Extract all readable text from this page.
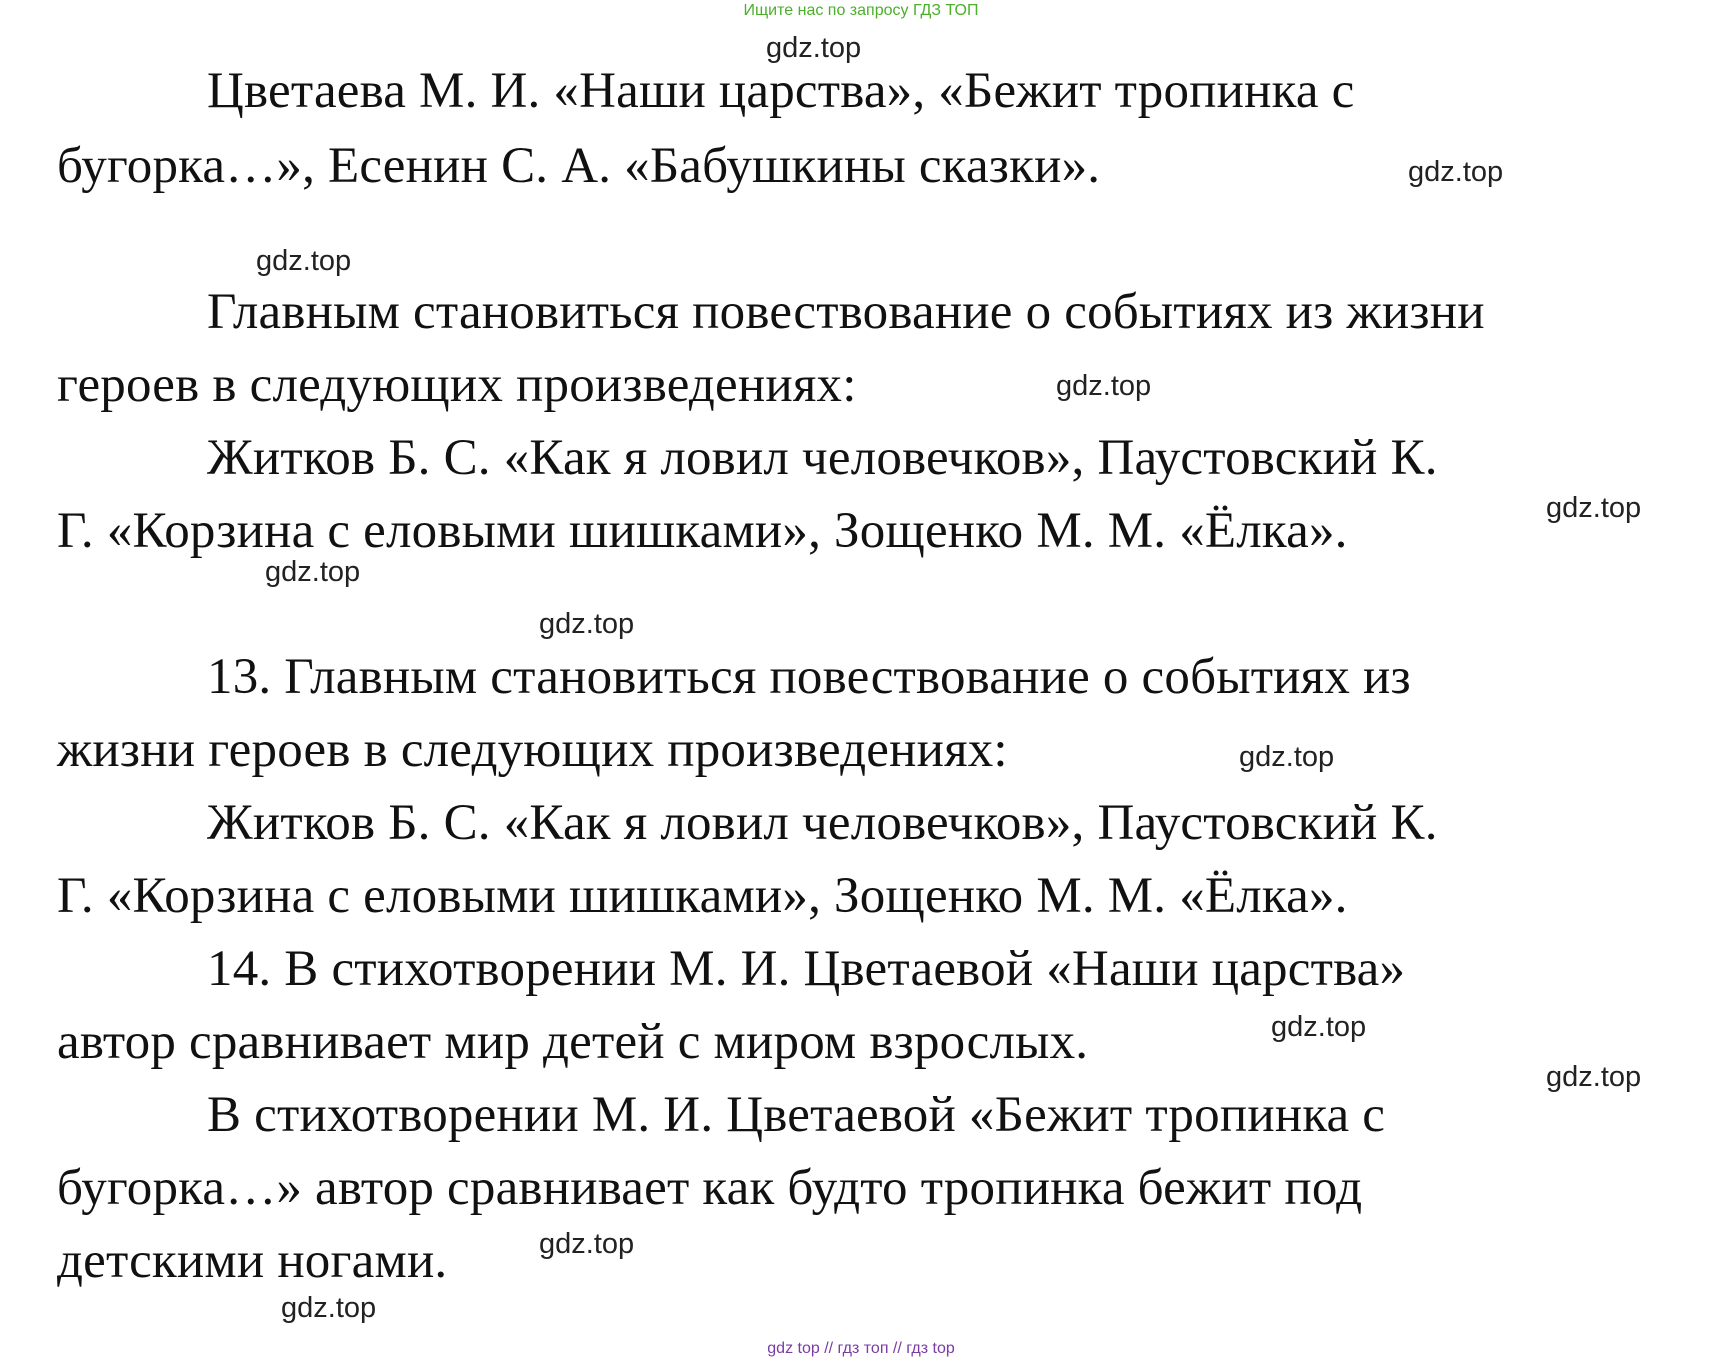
Ищите нас по запросу ГДЗ ТОП
Цветаева М. И. «Наши царства», «Бежит тропинка с
бугорка…», Есенин С. А. «Бабушкины сказки».
Главным становиться повествование о событиях из жизни
героев в следующих произведениях:
Житков Б. С. «Как я ловил человечков», Паустовский К.
Г. «Корзина с еловыми шишками», Зощенко М. М. «Ёлка».
13. Главным становиться повествование о событиях из
жизни героев в следующих произведениях:
Житков Б. С. «Как я ловил человечков», Паустовский К.
Г. «Корзина с еловыми шишками», Зощенко М. М. «Ёлка».
14. В стихотворении М. И. Цветаевой «Наши царства»
автор сравнивает мир детей с миром взрослых.
В стихотворении М. И. Цветаевой «Бежит тропинка с
бугорка…» автор сравнивает как будто тропинка бежит под
детскими ногами.
gdz.top
gdz.top
gdz.top
gdz.top
gdz.top
gdz.top
gdz.top
gdz.top
gdz.top
gdz.top
gdz.top
gdz.top
gdz top // гдз топ // гдз top
